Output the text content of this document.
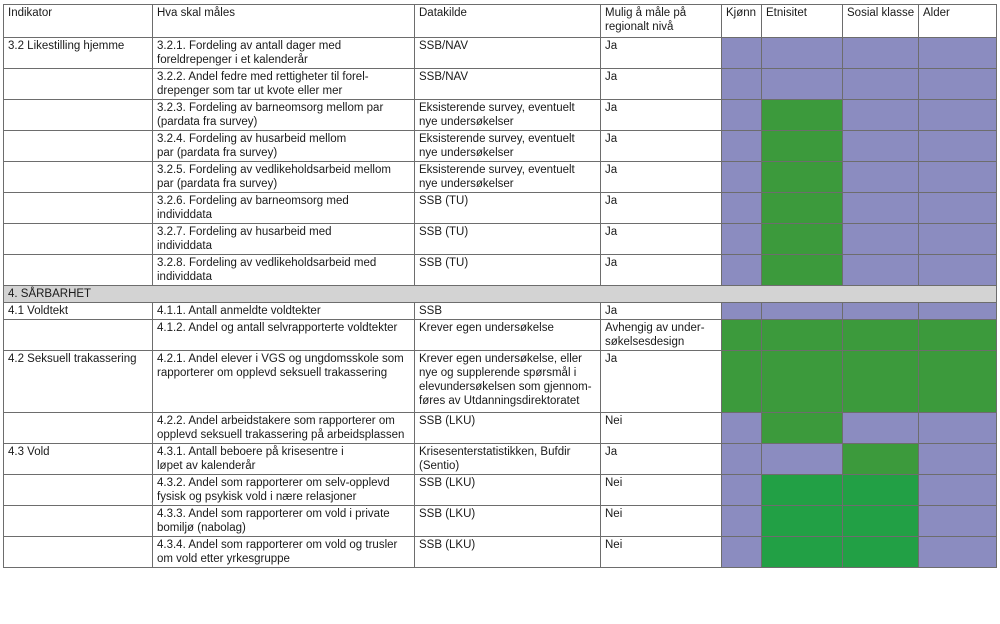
Indikator	Hva skal måles	Datakilde	Mulig å måle på
regionalt nivå	Kjønn	Etnisitet	Sosial klasse	Alder
3.2 Likestilling hjemme	3.2.1. Fordeling av antall dager med
foreldrepenger i et kalenderår	SSB/NAV	Ja				

	3.2.2. Andel fedre med rettigheter til forel-
drepenger som tar ut kvote eller mer	SSB/NAV	Ja				

	3.2.3. Fordeling av barneomsorg mellom par
(pardata fra survey)	Eksisterende survey, eventuelt
nye undersøkelser	Ja				

	3.2.4. Fordeling av husarbeid mellom
par (pardata fra survey)	Eksisterende survey, eventuelt
nye undersøkelser	Ja				

	3.2.5. Fordeling av vedlikeholdsarbeid mellom
par (pardata fra survey)	Eksisterende survey, eventuelt
nye undersøkelser	Ja				

	3.2.6. Fordeling av barneomsorg med
individdata	SSB (TU)	Ja				

	3.2.7. Fordeling av husarbeid med
individdata	SSB (TU)	Ja				

	3.2.8. Fordeling av vedlikeholdsarbeid med
individdata	SSB (TU)	Ja				

4. SÅRBARHET							
4.1 Voldtekt	4.1.1. Antall anmeldte voldtekter	SSB	Ja				

	4.1.2. Andel og antall selvrapporterte voldtekter	Krever egen undersøkelse	Avhengig av under-
søkelsesdesign				

4.2 Seksuell trakassering	4.2.1. Andel elever i VGS og ungdomsskole som
rapporterer om opplevd seksuell trakassering	Krever egen undersøkelse, eller
nye og supplerende spørsmål i
elevundersøkelsen som gjennom-
føres av Utdanningsdirektoratet	Ja				

	4.2.2. Andel arbeidstakere som rapporterer om
opplevd seksuell trakassering på arbeidsplassen	SSB (LKU)	Nei				

4.3 Vold	4.3.1. Antall beboere på krisesentre i
løpet av kalenderår	Krisesenterstatistikken, Bufdir
(Sentio)	Ja				

	4.3.2. Andel som rapporterer om selv-opplevd
fysisk og psykisk vold i nære relasjoner	SSB (LKU)	Nei				

	4.3.3. Andel som rapporterer om vold i private
bomiljø (nabolag)	SSB (LKU)	Nei				

	4.3.4. Andel som rapporterer om vold og trusler
om vold etter yrkesgruppe	SSB (LKU)	Nei				
